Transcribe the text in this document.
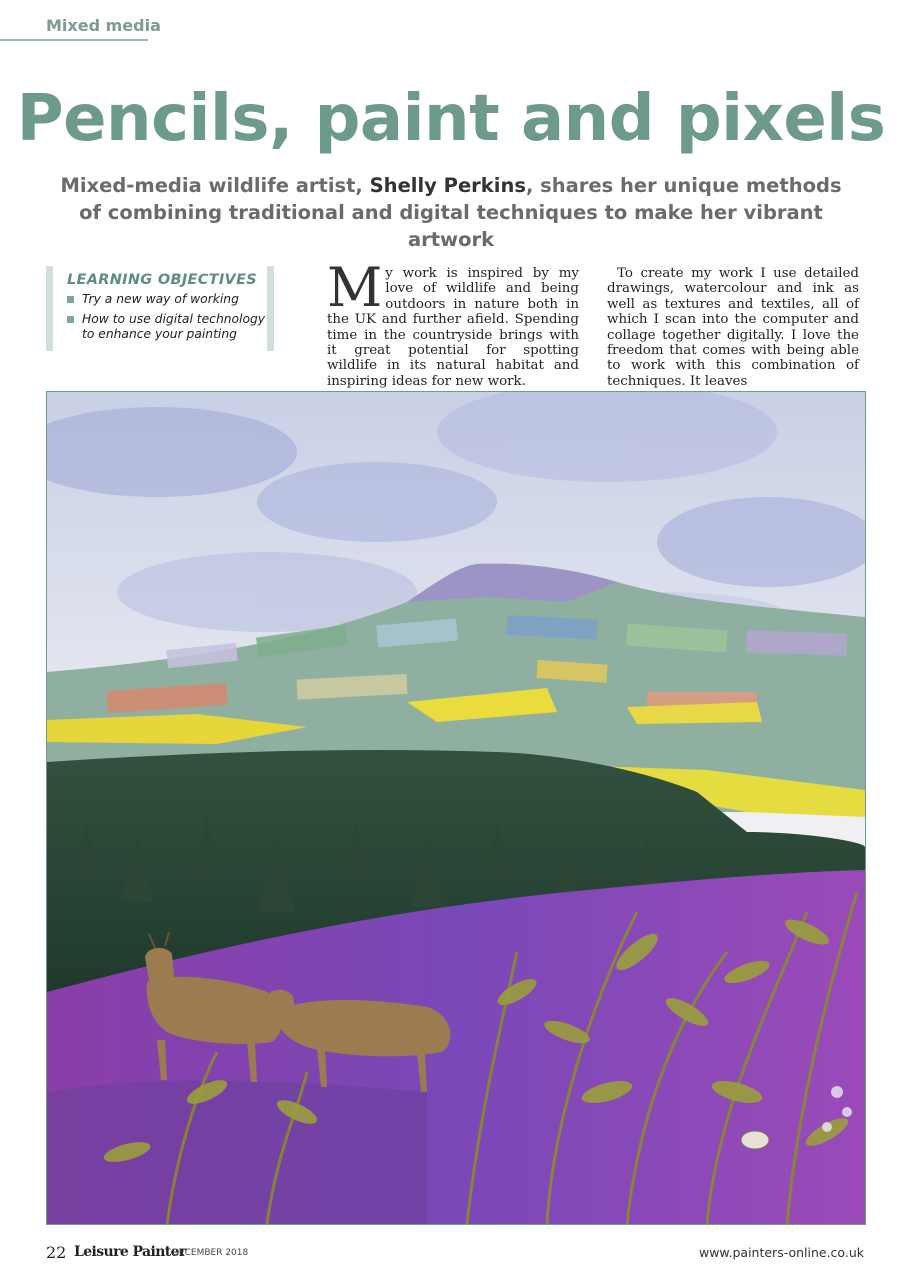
Mixed media
Pencils, paint and pixels
Mixed-media wildlife artist, Shelly Perkins, shares her unique methods of combining traditional and digital techniques to make her vibrant artwork
LEARNING OBJECTIVES
Try a new way of working
How to use digital technology to enhance your painting
My work is inspired by my love of wildlife and being outdoors in nature both in the UK and further afield. Spending time in the countryside brings with it great potential for spotting wildlife in its natural habitat and inspiring ideas for new work.
To create my work I use detailed drawings, watercolour and ink as well as textures and textiles, all of which I scan into the computer and collage together digitally. I love the freedom that comes with being able to work with this combination of techniques. It leaves
22 Leisure Painter
DECEMBER 2018	www.painters-online.co.uk
